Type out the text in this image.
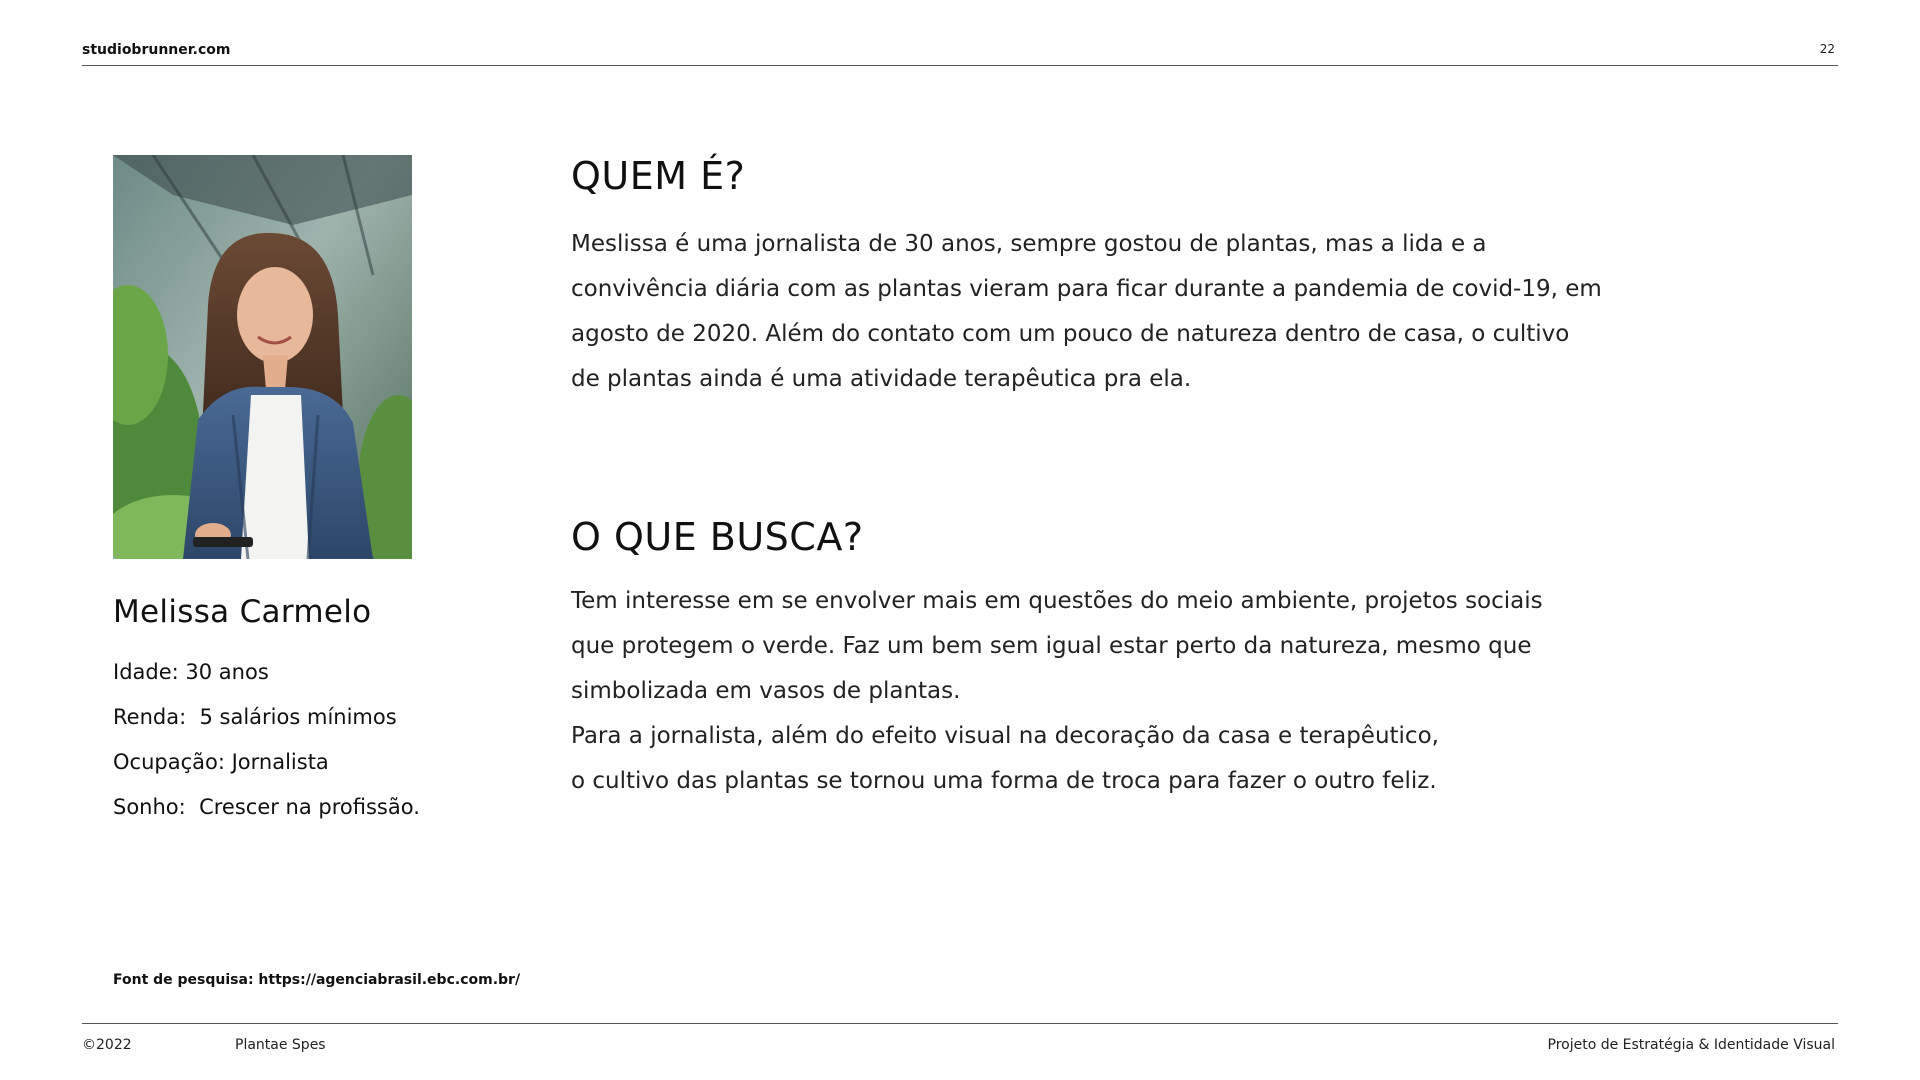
studiobrunner.com	22
Melissa Carmelo
Idade: 30 anos
Renda:  5 salários mínimos
Ocupação: Jornalista
Sonho:  Crescer na profissão.
QUEM É?

Meslissa é uma jornalista de 30 anos, sempre gostou de plantas, mas a lida e a
convivência diária com as plantas vieram para ficar durante a pandemia de covid-19, em
agosto de 2020. Além do contato com um pouco de natureza dentro de casa, o cultivo
de plantas ainda é uma atividade terapêutica pra ela.

O QUE BUSCA?

Tem interesse em se envolver mais em questões do meio ambiente, projetos sociais
que protegem o verde. Faz um bem sem igual estar perto da natureza, mesmo que
simbolizada em vasos de plantas.
Para a jornalista, além do efeito visual na decoração da casa e terapêutico,
o cultivo das plantas se tornou uma forma de troca para fazer o outro feliz.

Font de pesquisa: https://agenciabrasil.ebc.com.br/
©2022	Plantae Spes	Projeto de Estratégia & Identidade Visual
